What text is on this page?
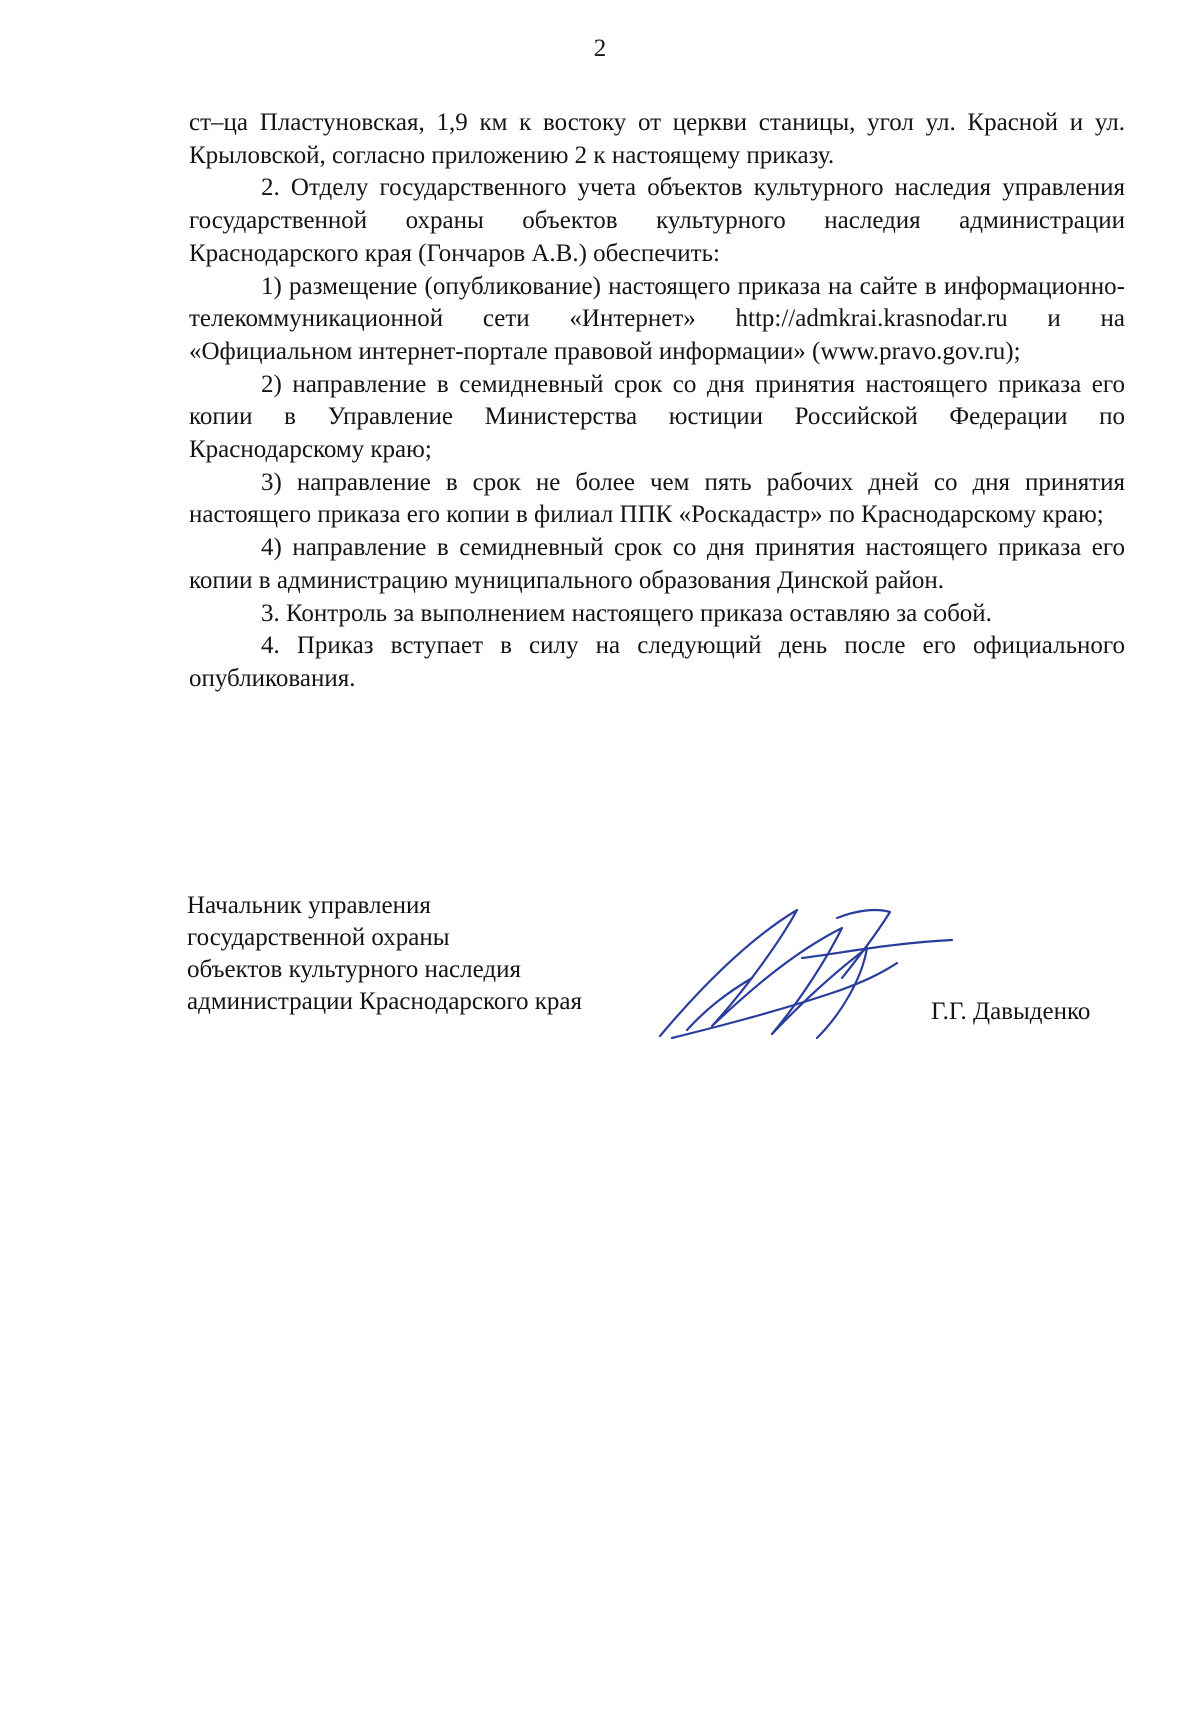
2

ст–ца Пластуновская, 1,9 км к востоку от церкви станицы, угол ул. Красной и ул. Крыловской, согласно приложению 2 к настоящему приказу.

2. Отделу государственного учета объектов культурного наследия управления государственной охраны объектов культурного наследия администрации Краснодарского края (Гончаров А.В.) обеспечить:

1) размещение (опубликование) настоящего приказа на сайте в информационно-телекоммуникационной сети «Интернет» http://admkrai.krasnodar.ru и на «Официальном интернет-портале правовой информации» (www.pravo.gov.ru);

2) направление в семидневный срок со дня принятия настоящего приказа его копии в Управление Министерства юстиции Российской Федерации по Краснодарскому краю;

3) направление в срок не более чем пять рабочих дней со дня принятия настоящего приказа его копии в филиал ППК «Роскадастр» по Краснодарскому краю;

4) направление в семидневный срок со дня принятия настоящего приказа его копии в администрацию муниципального образования Динской район.

3. Контроль за выполнением настоящего приказа оставляю за собой.

4. Приказ вступает в силу на следующий день после его официального опубликования.

Начальник управления
государственной охраны
объектов культурного наследия
администрации Краснодарского края	Г.Г. Давыденко
